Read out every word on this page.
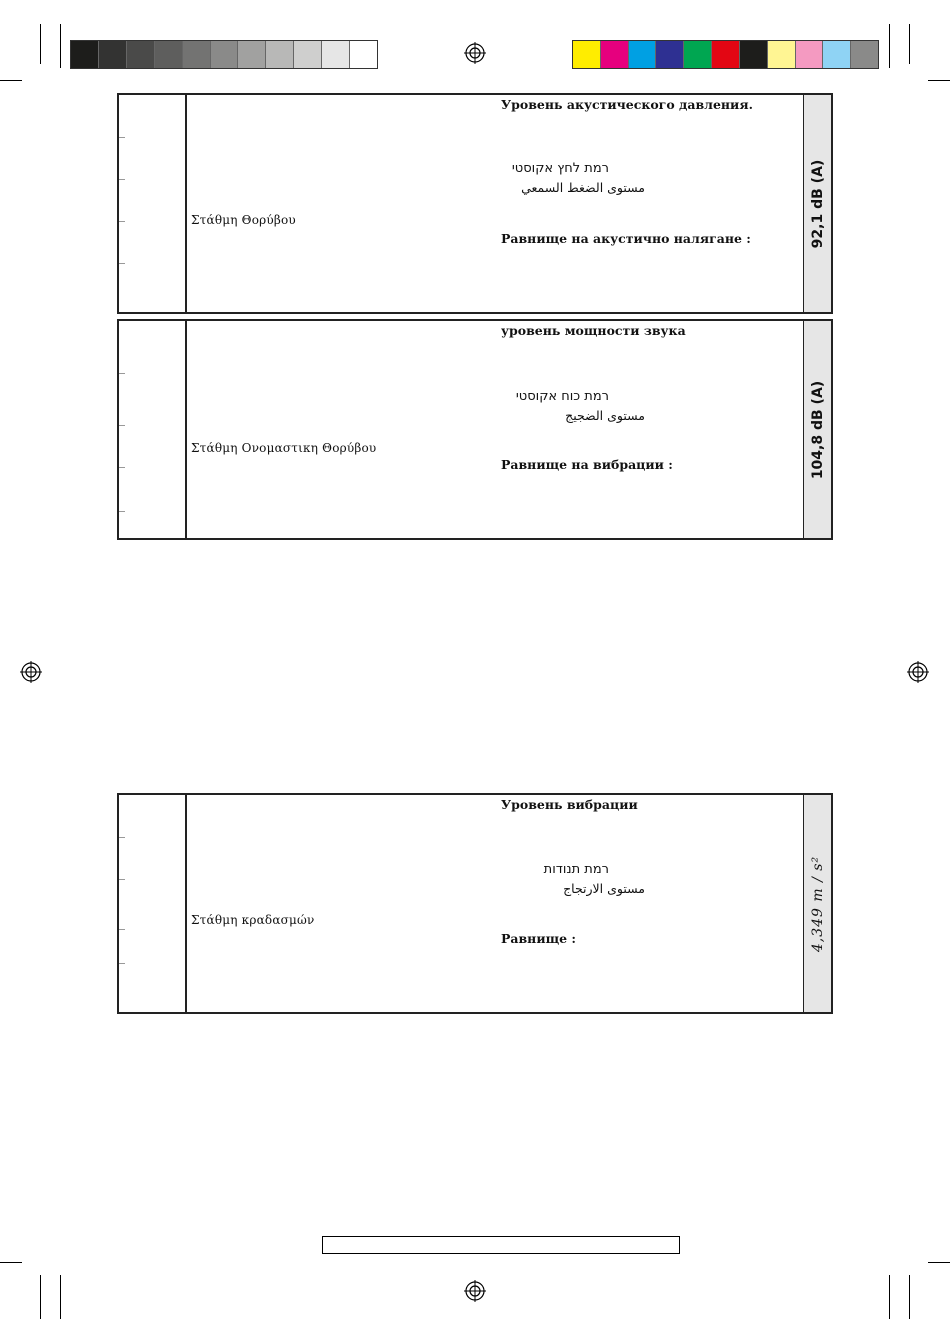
92,1 dB (A)
Στάθμη Θορύβου
Уровень акустического давления.
רמת לחץ אקוסטי
مستوى الضغط السمعي
Равнище на акустично налягане :
104,8 dB (A)
Στάθμη Ονομαστικη Θορύβου
уровень мощности звука
רמת כוח אקוסטי
مستوى الضجيج
Равнище на вибрации :
4,349 m / s²
Στάθμη κραδασμών
Уровень вибрации
רמת תנודות
مستوى الارتجاج
Равнище :
